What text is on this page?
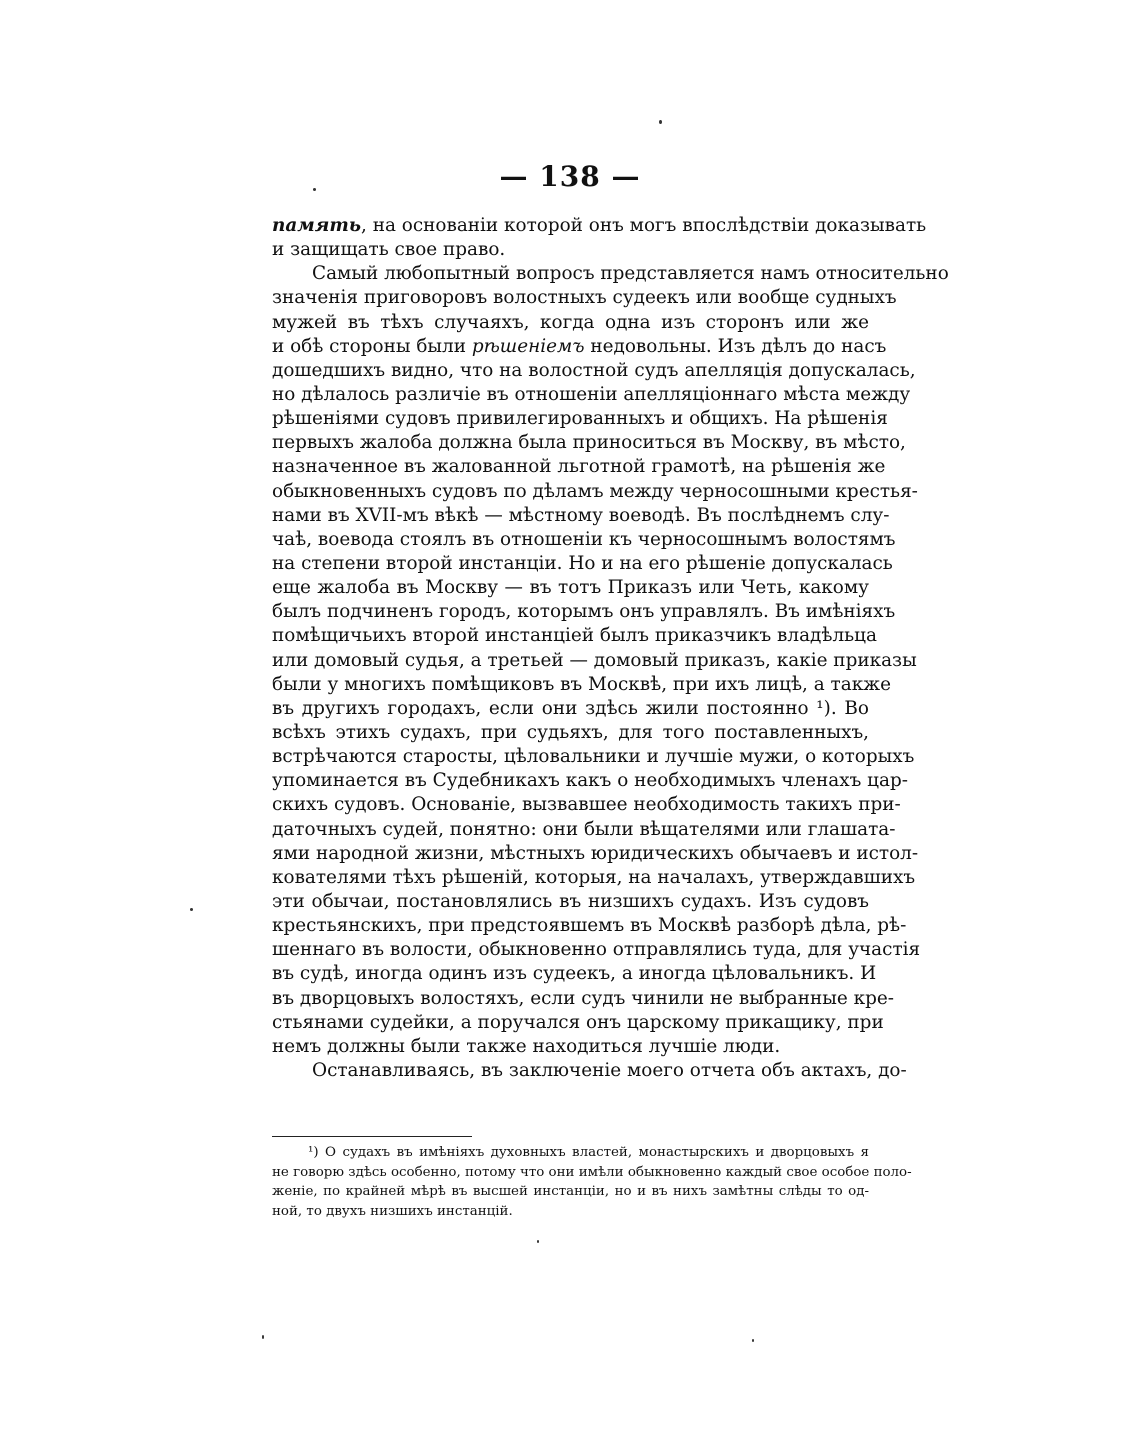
— 138 —
память, на основаніи которой онъ могъ впослѣдствіи доказывать
и защищать свое право.
Самый любопытный вопросъ представляется намъ относительно
значенія приговоровъ волостныхъ судеекъ или вообще судныхъ
мужей въ тѣхъ случаяхъ, когда одна изъ сторонъ или же
и обѣ стороны были рѣшеніемъ недовольны. Изъ дѣлъ до насъ
дошедшихъ видно, что на волостной судъ апелляція допускалась,
но дѣлалось различіе въ отношеніи апелляціоннаго мѣста между
рѣшеніями судовъ привилегированныхъ и общихъ. На рѣшенія
первыхъ жалоба должна была приноситься въ Москву, въ мѣсто,
назначенное въ жалованной льготной грамотѣ, на рѣшенія же
обыкновенныхъ судовъ по дѣламъ между черносошными крестья-
нами въ XVII-мъ вѣкѣ — мѣстному воеводѣ. Въ послѣднемъ слу-
чаѣ, воевода стоялъ въ отношеніи къ черносошнымъ волостямъ
на степени второй инстанціи. Но и на его рѣшеніе допускалась
еще жалоба въ Москву — въ тотъ Приказъ или Четь, какому
былъ подчиненъ городъ, которымъ онъ управлялъ. Въ имѣніяхъ
помѣщичьихъ второй инстанціей былъ приказчикъ владѣльца
или домовый судья, а третьей — домовый приказъ, какіе приказы
были у многихъ помѣщиковъ въ Москвѣ, при ихъ лицѣ, а также
въ другихъ городахъ, если они здѣсь жили постоянно ¹). Во
всѣхъ этихъ судахъ, при судьяхъ, для того поставленныхъ,
встрѣчаются старосты, цѣловальники и лучшіе мужи, о которыхъ
упоминается въ Судебникахъ какъ о необходимыхъ членахъ цар-
скихъ судовъ. Основаніе, вызвавшее необходимость такихъ при-
даточныхъ судей, понятно: они были вѣщателями или глашата-
ями народной жизни, мѣстныхъ юридическихъ обычаевъ и истол-
кователями тѣхъ рѣшеній, которыя, на началахъ, утверждавшихъ
эти обычаи, постановлялись въ низшихъ судахъ. Изъ судовъ
крестьянскихъ, при предстоявшемъ въ Москвѣ разборѣ дѣла, рѣ-
шеннаго въ волости, обыкновенно отправлялись туда, для участія
въ судѣ, иногда одинъ изъ судеекъ, а иногда цѣловальникъ. И
въ дворцовыхъ волостяхъ, если судъ чинили не выбранные кре-
стьянами судейки, а поручался онъ царскому прикащику, при
немъ должны были также находиться лучшіе люди.
Останавливаясь, въ заключеніе моего отчета объ актахъ, до-
¹) О судахъ въ имѣніяхъ духовныхъ властей, монастырскихъ и дворцовыхъ я
не говорю здѣсь особенно, потому что они имѣли обыкновенно каждый свое особое поло-
женіе, по крайней мѣрѣ въ высшей инстанціи, но и въ нихъ замѣтны слѣды то од-
ной, то двухъ низшихъ инстанцій.
